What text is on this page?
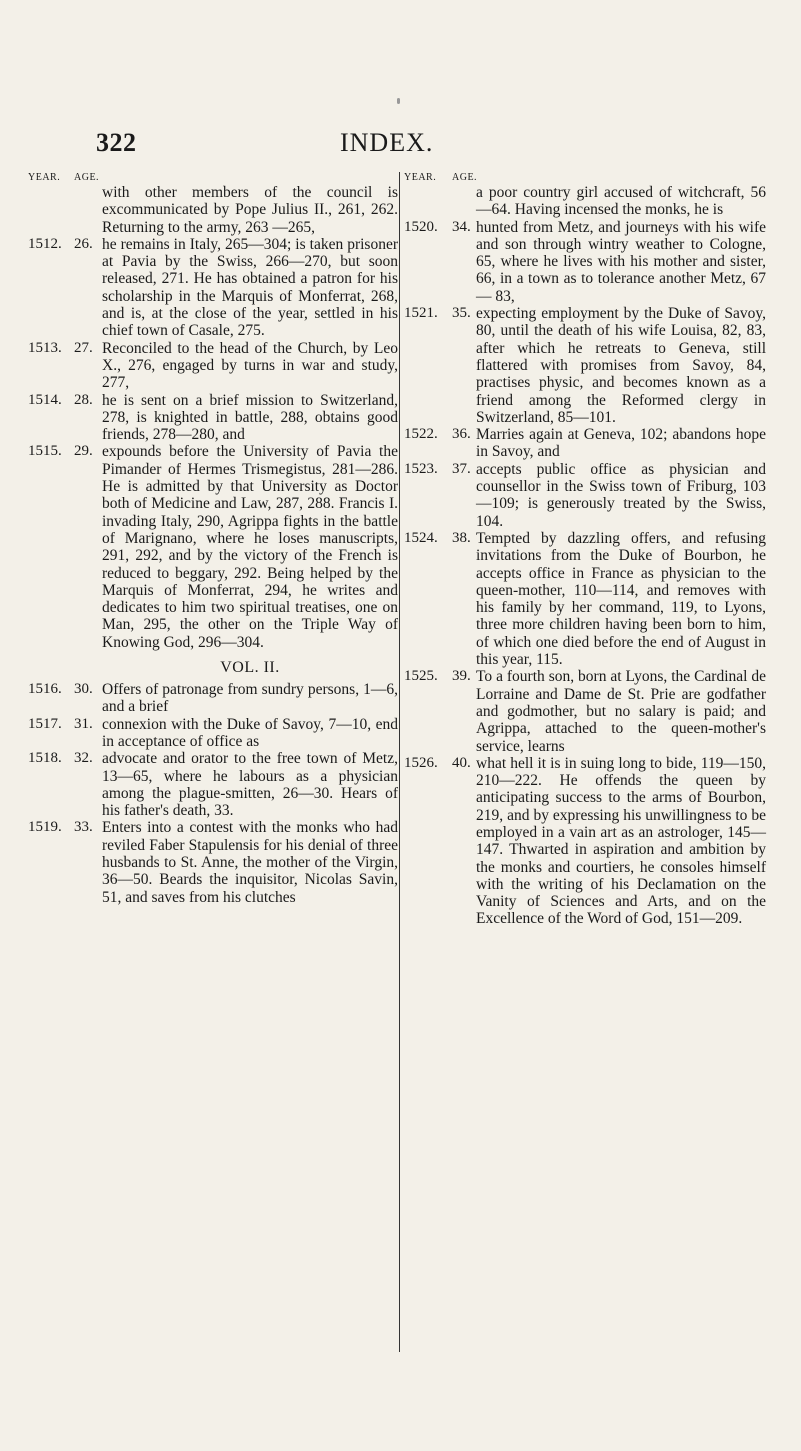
322	INDEX.
YEAR. AGE.
with other members of the council is excommunicated by Pope Julius II., 261, 262. Returning to the army, 263 —265,
1512. 26. he remains in Italy, 265—304; is taken prisoner at Pavia by the Swiss, 266—270, but soon released, 271. He has obtained a patron for his scholarship in the Marquis of Monferrat, 268, and is, at the close of the year, settled in his chief town of Casale, 275.
1513. 27. Reconciled to the head of the Church, by Leo X., 276, engaged by turns in war and study, 277,
1514. 28. he is sent on a brief mission to Switzerland, 278, is knighted in battle, 288, obtains good friends, 278—280, and
1515. 29. expounds before the University of Pavia the Pimander of Hermes Trismegistus, 281—286. He is admitted by that University as Doctor both of Medicine and Law, 287, 288. Francis I. invading Italy, 290, Agrippa fights in the battle of Marignano, where he loses manuscripts, 291, 292, and by the victory of the French is reduced to beggary, 292. Being helped by the Marquis of Monferrat, 294, he writes and dedicates to him two spiritual treatises, one on Man, 295, the other on the Triple Way of Knowing God, 296—304.
VOL. II.
1516. 30. Offers of patronage from sundry persons, 1—6, and a brief
1517. 31. connexion with the Duke of Savoy, 7—10, end in acceptance of office as
1518. 32. advocate and orator to the free town of Metz, 13—65, where he labours as a physician among the plague-smitten, 26—30. Hears of his father's death, 33.
1519. 33. Enters into a contest with the monks who had reviled Faber Stapulensis for his denial of three husbands to St. Anne, the mother of the Virgin, 36—50. Beards the inquisitor, Nicolas Savin, 51, and saves from his clutches
YEAR. AGE.
a poor country girl accused of witchcraft, 56—64. Having incensed the monks, he is
1520. 34. hunted from Metz, and journeys with his wife and son through wintry weather to Cologne, 65, where he lives with his mother and sister, 66, in a town as to tolerance another Metz, 67— 83,
1521. 35. expecting employment by the Duke of Savoy, 80, until the death of his wife Louisa, 82, 83, after which he retreats to Geneva, still flattered with promises from Savoy, 84, practises physic, and becomes known as a friend among the Reformed clergy in Switzerland, 85—101.
1522. 36. Marries again at Geneva, 102; abandons hope in Savoy, and
1523. 37. accepts public office as physician and counsellor in the Swiss town of Friburg, 103 —109; is generously treated by the Swiss, 104.
1524. 38. Tempted by dazzling offers, and refusing invitations from the Duke of Bourbon, he accepts office in France as physician to the queen-mother, 110—114, and removes with his family by her command, 119, to Lyons, three more children having been born to him, of which one died before the end of August in this year, 115.
1525. 39. To a fourth son, born at Lyons, the Cardinal de Lorraine and Dame de St. Prie are godfather and godmother, but no salary is paid; and Agrippa, attached to the queen-mother's service, learns
1526. 40. what hell it is in suing long to bide, 119—150, 210—222. He offends the queen by anticipating success to the arms of Bourbon, 219, and by expressing his unwillingness to be employed in a vain art as an astrologer, 145—147. Thwarted in aspiration and ambition by the monks and courtiers, he consoles himself with the writing of his Declamation on the Vanity of Sciences and Arts, and on the Excellence of the Word of God, 151—209.
